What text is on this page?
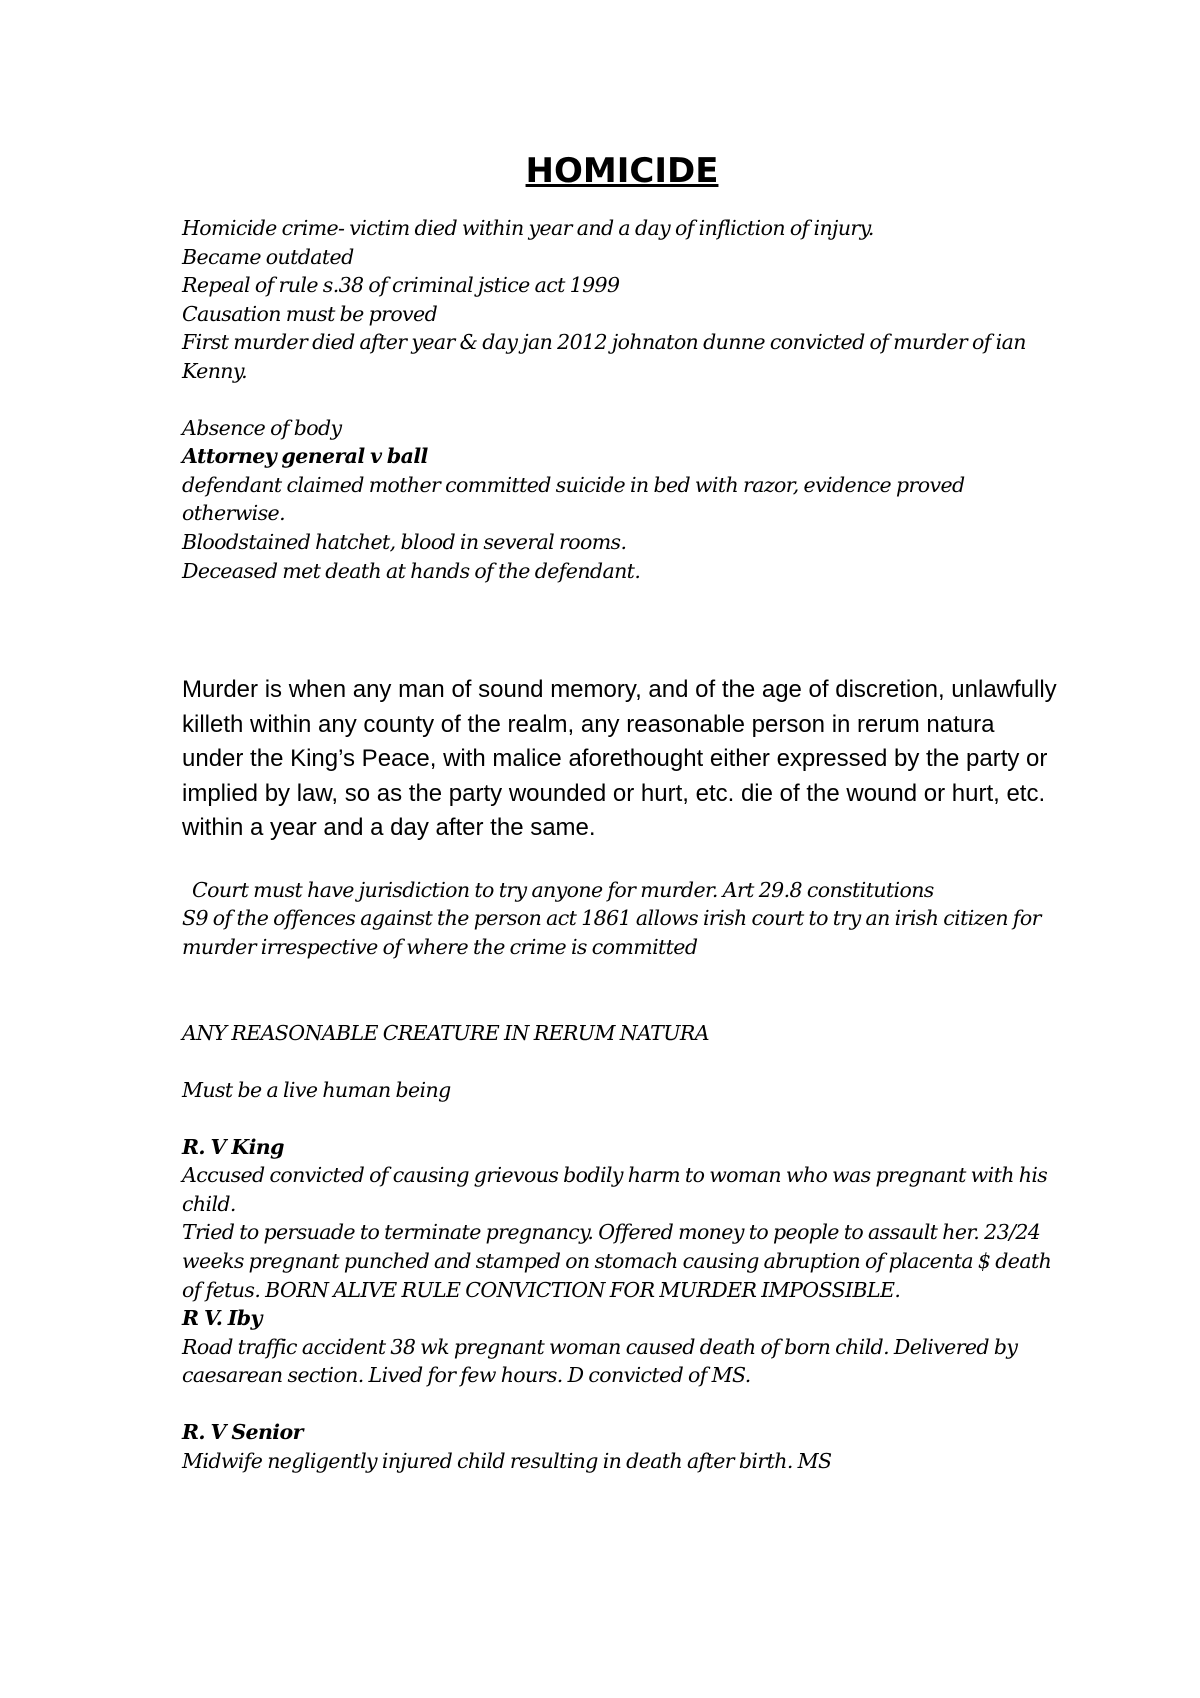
HOMICIDE

Homicide crime- victim died within year and a day of infliction of injury.

Became outdated

Repeal of rule s.38 of criminal jstice act 1999

Causation must be proved

First murder died after year & day jan 2012 johnaton dunne convicted of murder of ian Kenny.

Absence of body

Attorney general v ball

defendant claimed mother committed suicide in bed with razor, evidence proved otherwise.

Bloodstained hatchet, blood in several rooms.

Deceased met death at hands of the defendant.

Murder is when any man of sound memory, and of the age of discretion, unlawfully killeth within any county of the realm, any reasonable person in rerum natura under the King’s Peace, with malice aforethought either expressed by the party or implied by law, so as the party wounded or hurt, etc. die of the wound or hurt, etc. within a year and a day after the same.

Court must have jurisdiction to try anyone for murder. Art 29.8 constitutions

S9 of the offences against the person act 1861 allows irish court to try an irish citizen for murder irrespective of where the crime is committed

ANY REASONABLE CREATURE IN RERUM NATURA

Must be a live human being

R. V King

Accused convicted of causing grievous bodily harm to woman who was pregnant with his child.

Tried to persuade to terminate pregnancy. Offered money to people to assault her. 23/24 weeks pregnant punched and stamped on stomach causing abruption of placenta $ death of fetus. BORN ALIVE RULE CONVICTION FOR MURDER IMPOSSIBLE.

R V. Iby

Road traffic accident 38 wk pregnant woman caused death of born child. Delivered by caesarean section. Lived for few hours. D convicted of MS.

R. V Senior

Midwife negligently injured child resulting in death after birth. MS
